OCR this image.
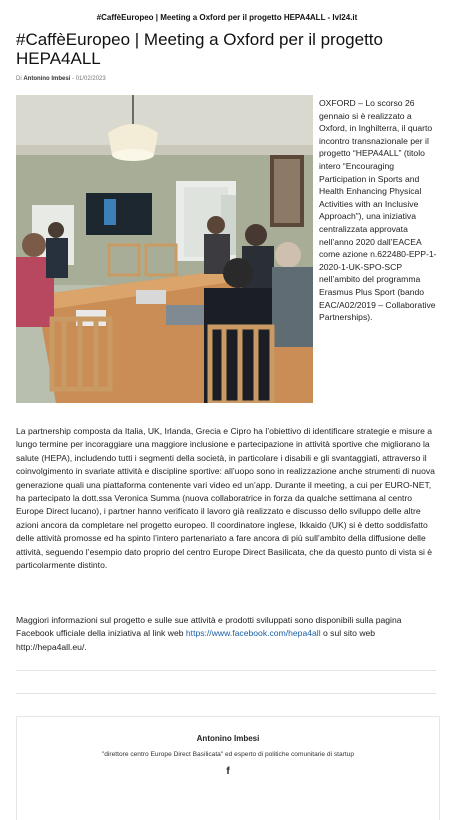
#CaffèEuropeo | Meeting a Oxford per il progetto HEPA4ALL - Ivl24.it
#CaffèEuropeo | Meeting a Oxford per il progetto HEPA4ALL
Di Antonino Imbesi - 01/02/2023
OXFORD – Lo scorso 26 gennaio si è realizzato a Oxford, in Inghilterra, il quarto incontro transnazionale per il progetto “HEPA4ALL” (titolo intero “Encouraging Participation in Sports and Health Enhancing Physical Activities with an Inclusive Approach”), una iniziativa centralizzata approvata nell’anno 2020 dall’EACEA come azione n.622480-EPP-1-2020-1-UK-SPO-SCP nell’ambito del programma Erasmus Plus Sport (bando EAC/A02/2019 – Collaborative Partnerships).
La partnership composta da Italia, UK, Irlanda, Grecia e Cipro ha l’obiettivo di identificare strategie e misure a lungo termine per incoraggiare una maggiore inclusione e partecipazione in attività sportive che migliorano la salute (HEPA), includendo tutti i segmenti della società, in particolare i disabili e gli svantaggiati, attraverso il coinvolgimento in svariate attività e discipline sportive: all’uopo sono in realizzazione anche strumenti di nuova generazione quali una piattaforma contenente vari video ed un’app. Durante il meeting, a cui per EURO-NET, ha partecipato la dott.ssa Veronica Summa (nuova collaboratrice in forza da qualche settimana al centro Europe Direct lucano), i partner hanno verificato il lavoro già realizzato e discusso dello sviluppo delle altre azioni ancora da completare nel progetto europeo. Il coordinatore inglese, Ikkaido (UK) si è detto soddisfatto delle attività promosse ed ha spinto l’intero partenariato a fare ancora di più sull’ambito della diffusione delle attività, seguendo l’esempio dato proprio del centro Europe Direct Basilicata, che da questo punto di vista si è particolarmente distinto.
Maggiori informazioni sul progetto e sulle sue attività e prodotti sviluppati sono disponibili sulla pagina Facebook ufficiale della iniziativa al link web https://www.facebook.com/hepa4all o sul sito web http://hepa4all.eu/.
Antonino Imbesi
"direttore centro Europe Direct Basilicata" ed esperto di politiche comunitarie di startup
f
